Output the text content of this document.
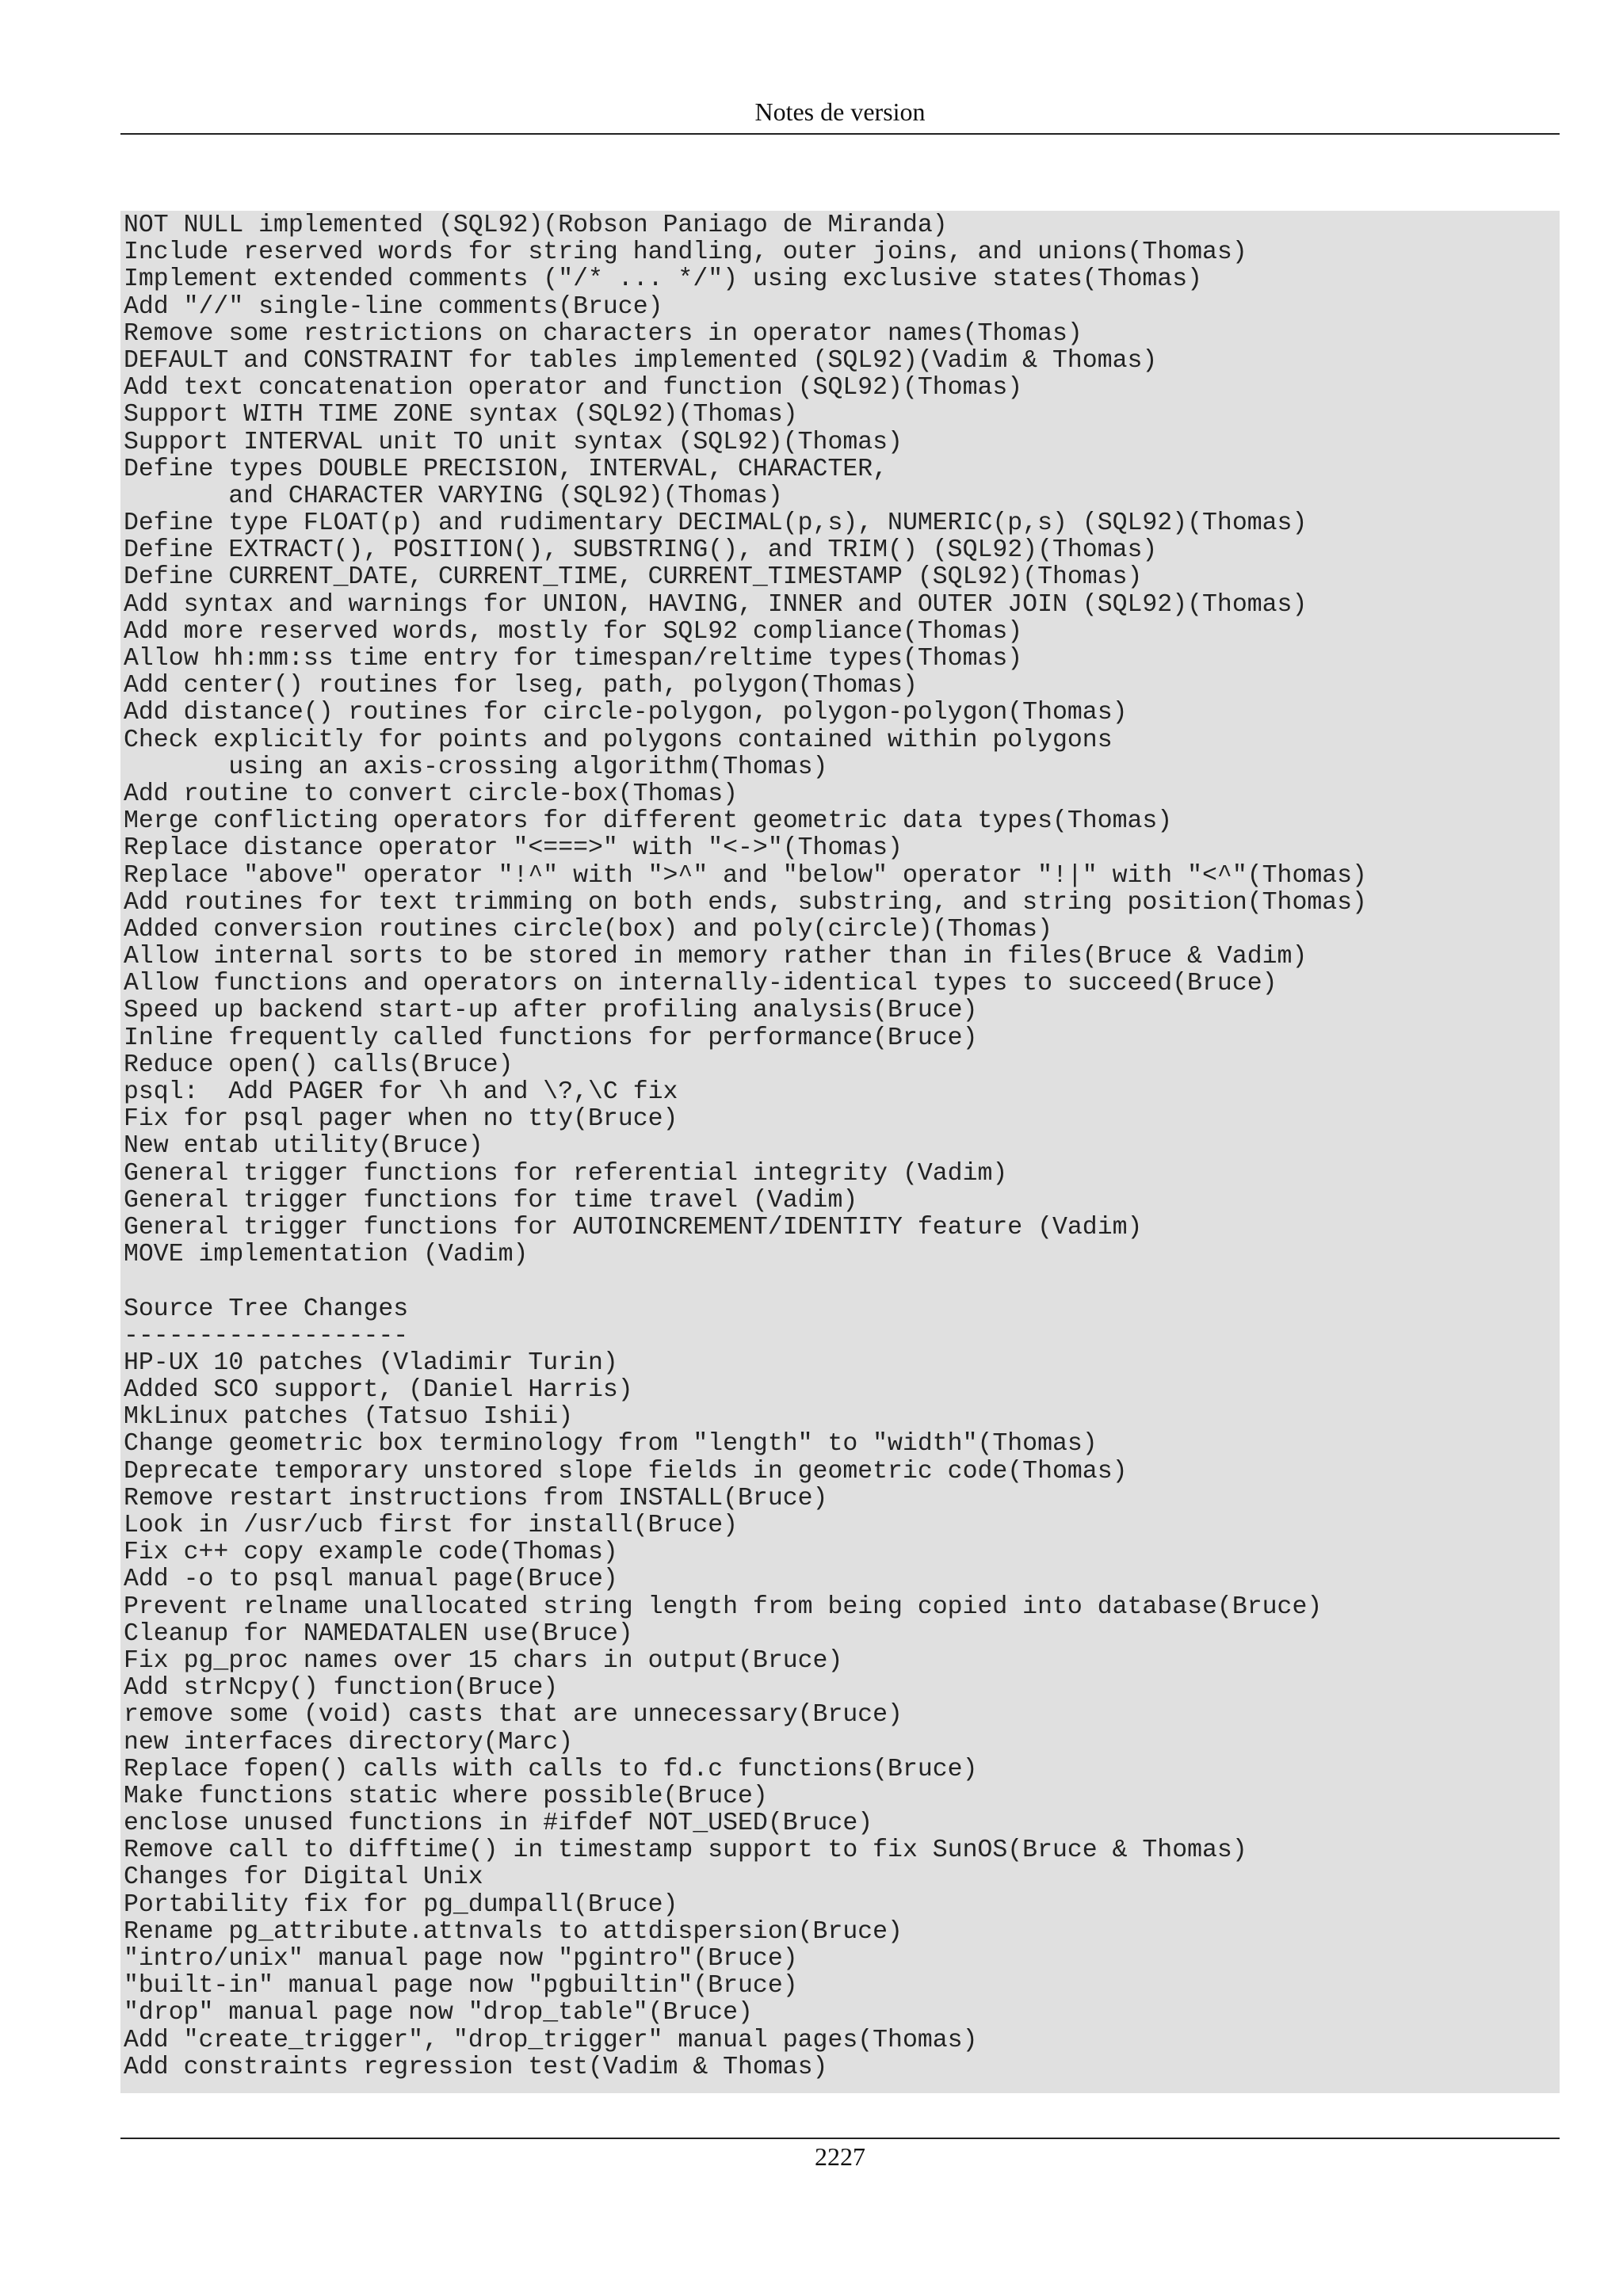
Notes de version
NOT NULL implemented (SQL92)(Robson Paniago de Miranda)
Include reserved words for string handling, outer joins, and unions(Thomas)
Implement extended comments ("/* ... */") using exclusive states(Thomas)
Add "//" single-line comments(Bruce)
Remove some restrictions on characters in operator names(Thomas)
DEFAULT and CONSTRAINT for tables implemented (SQL92)(Vadim & Thomas)
Add text concatenation operator and function (SQL92)(Thomas)
Support WITH TIME ZONE syntax (SQL92)(Thomas)
Support INTERVAL unit TO unit syntax (SQL92)(Thomas)
Define types DOUBLE PRECISION, INTERVAL, CHARACTER,
and CHARACTER VARYING (SQL92)(Thomas)
Define type FLOAT(p) and rudimentary DECIMAL(p,s), NUMERIC(p,s) (SQL92)(Thomas)
Define EXTRACT(), POSITION(), SUBSTRING(), and TRIM() (SQL92)(Thomas)
Define CURRENT_DATE, CURRENT_TIME, CURRENT_TIMESTAMP (SQL92)(Thomas)
Add syntax and warnings for UNION, HAVING, INNER and OUTER JOIN (SQL92)(Thomas)
Add more reserved words, mostly for SQL92 compliance(Thomas)
Allow hh:mm:ss time entry for timespan/reltime types(Thomas)
Add center() routines for lseg, path, polygon(Thomas)
Add distance() routines for circle-polygon, polygon-polygon(Thomas)
Check explicitly for points and polygons contained within polygons
using an axis-crossing algorithm(Thomas)
Add routine to convert circle-box(Thomas)
Merge conflicting operators for different geometric data types(Thomas)
Replace distance operator "<===>" with "<->"(Thomas)
Replace "above" operator "!^" with ">^" and "below" operator "!|" with "<^"(Thomas)
Add routines for text trimming on both ends, substring, and string position(Thomas)
Added conversion routines circle(box) and poly(circle)(Thomas)
Allow internal sorts to be stored in memory rather than in files(Bruce & Vadim)
Allow functions and operators on internally-identical types to succeed(Bruce)
Speed up backend start-up after profiling analysis(Bruce)
Inline frequently called functions for performance(Bruce)
Reduce open() calls(Bruce)
psql:  Add PAGER for \h and \?,\C fix
Fix for psql pager when no tty(Bruce)
New entab utility(Bruce)
General trigger functions for referential integrity (Vadim)
General trigger functions for time travel (Vadim)
General trigger functions for AUTOINCREMENT/IDENTITY feature (Vadim)
MOVE implementation (Vadim)
Source Tree Changes
-------------------
HP-UX 10 patches (Vladimir Turin)
Added SCO support, (Daniel Harris)
MkLinux patches (Tatsuo Ishii)
Change geometric box terminology from "length" to "width"(Thomas)
Deprecate temporary unstored slope fields in geometric code(Thomas)
Remove restart instructions from INSTALL(Bruce)
Look in /usr/ucb first for install(Bruce)
Fix c++ copy example code(Thomas)
Add -o to psql manual page(Bruce)
Prevent relname unallocated string length from being copied into database(Bruce)
Cleanup for NAMEDATALEN use(Bruce)
Fix pg_proc names over 15 chars in output(Bruce)
Add strNcpy() function(Bruce)
remove some (void) casts that are unnecessary(Bruce)
new interfaces directory(Marc)
Replace fopen() calls with calls to fd.c functions(Bruce)
Make functions static where possible(Bruce)
enclose unused functions in #ifdef NOT_USED(Bruce)
Remove call to difftime() in timestamp support to fix SunOS(Bruce & Thomas)
Changes for Digital Unix
Portability fix for pg_dumpall(Bruce)
Rename pg_attribute.attnvals to attdispersion(Bruce)
"intro/unix" manual page now "pgintro"(Bruce)
"built-in" manual page now "pgbuiltin"(Bruce)
"drop" manual page now "drop_table"(Bruce)
Add "create_trigger", "drop_trigger" manual pages(Thomas)
Add constraints regression test(Vadim & Thomas)
2227
